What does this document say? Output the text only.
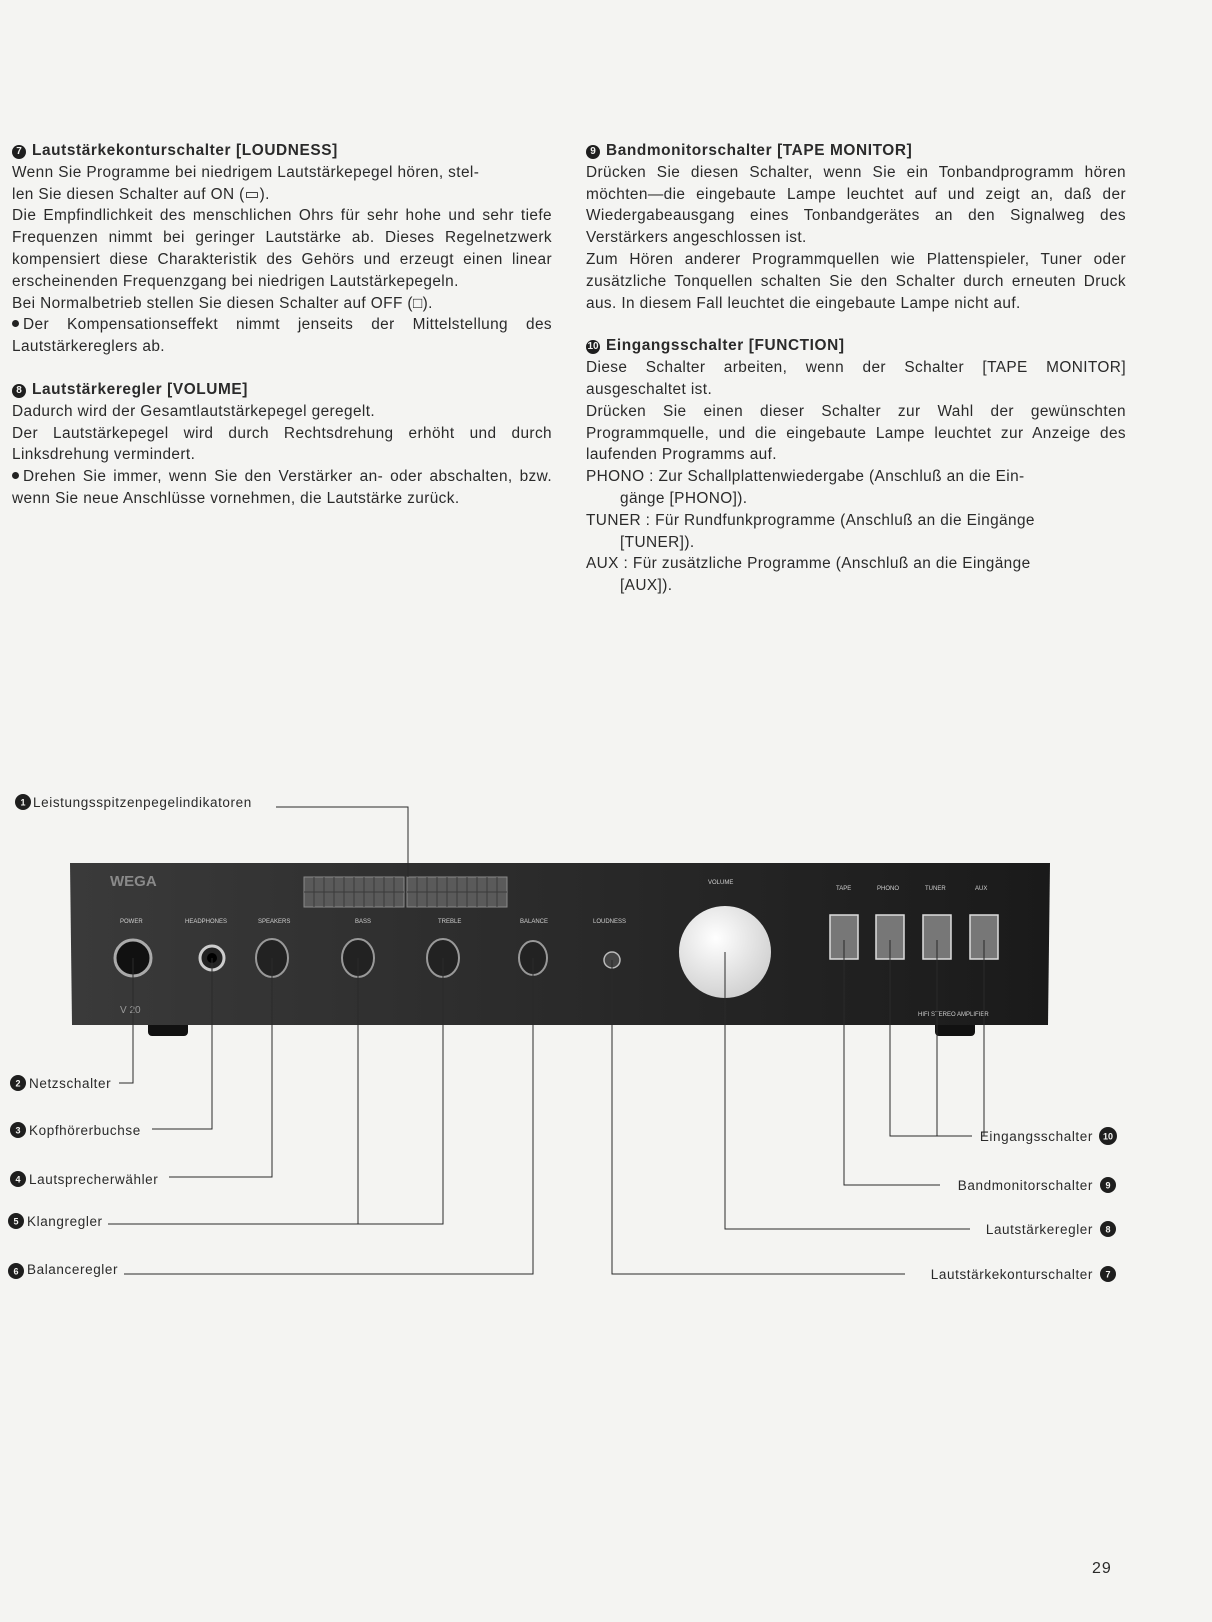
7 Lautstärkekonturschalter [LOUDNESS]
Wenn Sie Programme bei niedrigem Lautstärkepegel hören, stel-
len Sie diesen Schalter auf ON (▭).
Die Empfindlichkeit des menschlichen Ohrs für sehr hohe und sehr tiefe Frequenzen nimmt bei geringer Lautstärke ab. Dieses Regelnetzwerk kompensiert diese Charakteristik des Gehörs und erzeugt einen linear erscheinenden Frequenzgang bei niedrigen Lautstärkepegeln.
Bei Normalbetrieb stellen Sie diesen Schalter auf OFF (□).
Der Kompensationseffekt nimmt jenseits der Mittelstellung des Lautstärkereglers ab.
8 Lautstärkeregler [VOLUME]
Dadurch wird der Gesamtlautstärkepegel geregelt.
Der Lautstärkepegel wird durch Rechtsdrehung erhöht und durch Linksdrehung vermindert.
Drehen Sie immer, wenn Sie den Verstärker an- oder abschalten, bzw. wenn Sie neue Anschlüsse vornehmen, die Lautstärke zurück.
9 Bandmonitorschalter [TAPE MONITOR]
Drücken Sie diesen Schalter, wenn Sie ein Tonbandprogramm hören möchten—die eingebaute Lampe leuchtet auf und zeigt an, daß der Wiedergabeausgang eines Tonbandgerätes an den Signalweg des Verstärkers angeschlossen ist.
Zum Hören anderer Programmquellen wie Plattenspieler, Tuner oder zusätzliche Tonquellen schalten Sie den Schalter durch erneuten Druck aus. In diesem Fall leuchtet die eingebaute Lampe nicht auf.
10 Eingangsschalter [FUNCTION]
Diese Schalter arbeiten, wenn der Schalter [TAPE MONITOR] ausgeschaltet ist.
Drücken Sie einen dieser Schalter zur Wahl der gewünschten Programmquelle, und die eingebaute Lampe leuchtet zur Anzeige des laufenden Programms auf.
PHONO : Zur Schallplattenwiedergabe (Anschluß an die Ein-
gänge [PHONO]).
TUNER : Für Rundfunkprogramme (Anschluß an die Eingänge
[TUNER]).
AUX : Für zusätzliche Programme (Anschluß an die Eingänge
[AUX]).
WEGA
V 20
POWER	HEADPHONES	SPEAKERS	BASS	TREBLE	BALANCE	LOUDNESS
VOLUME
TAPE	PHONO	TUNER	AUX
HIFI STEREO AMPLIFIER
1 Leistungsspitzenpegelindikatoren
2 Netzschalter
3 Kopfhörerbuchse
4 Lautsprecherwähler
5 Klangregler
6 Balanceregler
Eingangsschalter 10
Bandmonitorschalter 9
Lautstärkeregler 8
Lautstärkekonturschalter 7
29
